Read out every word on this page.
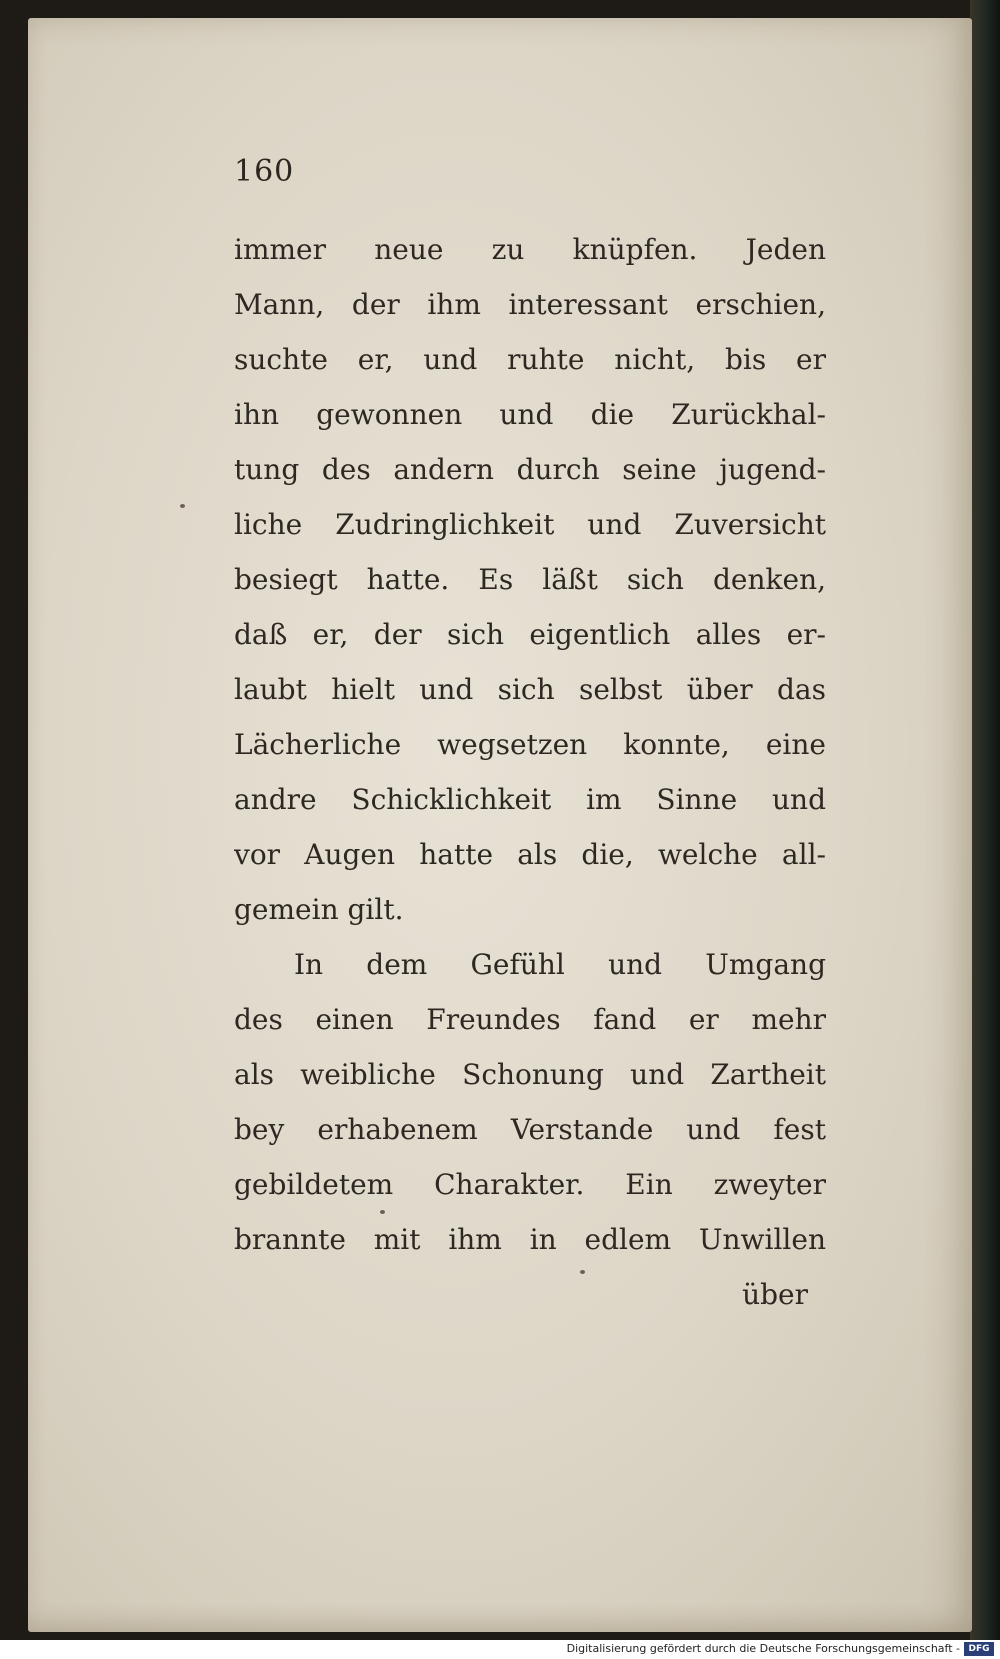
160
immer neue zu knüpfen. Jeden
Mann, der ihm interessant erschien,
suchte er, und ruhte nicht, bis er
ihn gewonnen und die Zurückhal-
tung des andern durch seine jugend-
liche Zudringlichkeit und Zuversicht
besiegt hatte. Es läßt sich denken,
daß er, der sich eigentlich alles er-
laubt hielt und sich selbst über das
Lächerliche wegsetzen konnte, eine
andre Schicklichkeit im Sinne und
vor Augen hatte als die, welche all-
gemein gilt.
In dem Gefühl und Umgang
des einen Freundes fand er mehr
als weibliche Schonung und Zartheit
bey erhabenem Verstande und fest
gebildetem Charakter. Ein zweyter
brannte mit ihm in edlem Unwillen
über
Digitalisierung gefördert durch die Deutsche Forschungsgemeinschaft - DFG
